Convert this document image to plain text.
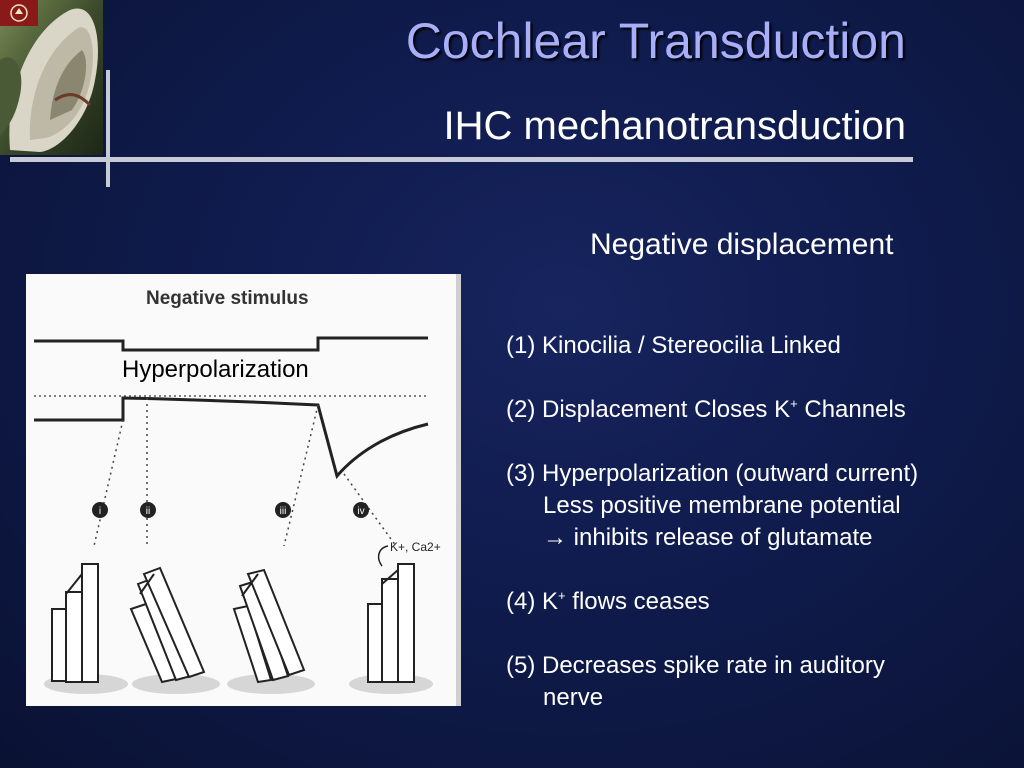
Cochlear Transduction
IHC mechanotransduction
Negative displacement
i	ii	iii	iv
K+, Ca2+
Negative stimulus
Hyperpolarization
(1) Kinocilia / Stereocilia Linked
(2) Displacement Closes K+ Channels
(3) Hyperpolarization (outward current)
Less positive membrane potential
→ inhibits release of glutamate
(4) K+ flows ceases
(5) Decreases spike rate in auditory
nerve
